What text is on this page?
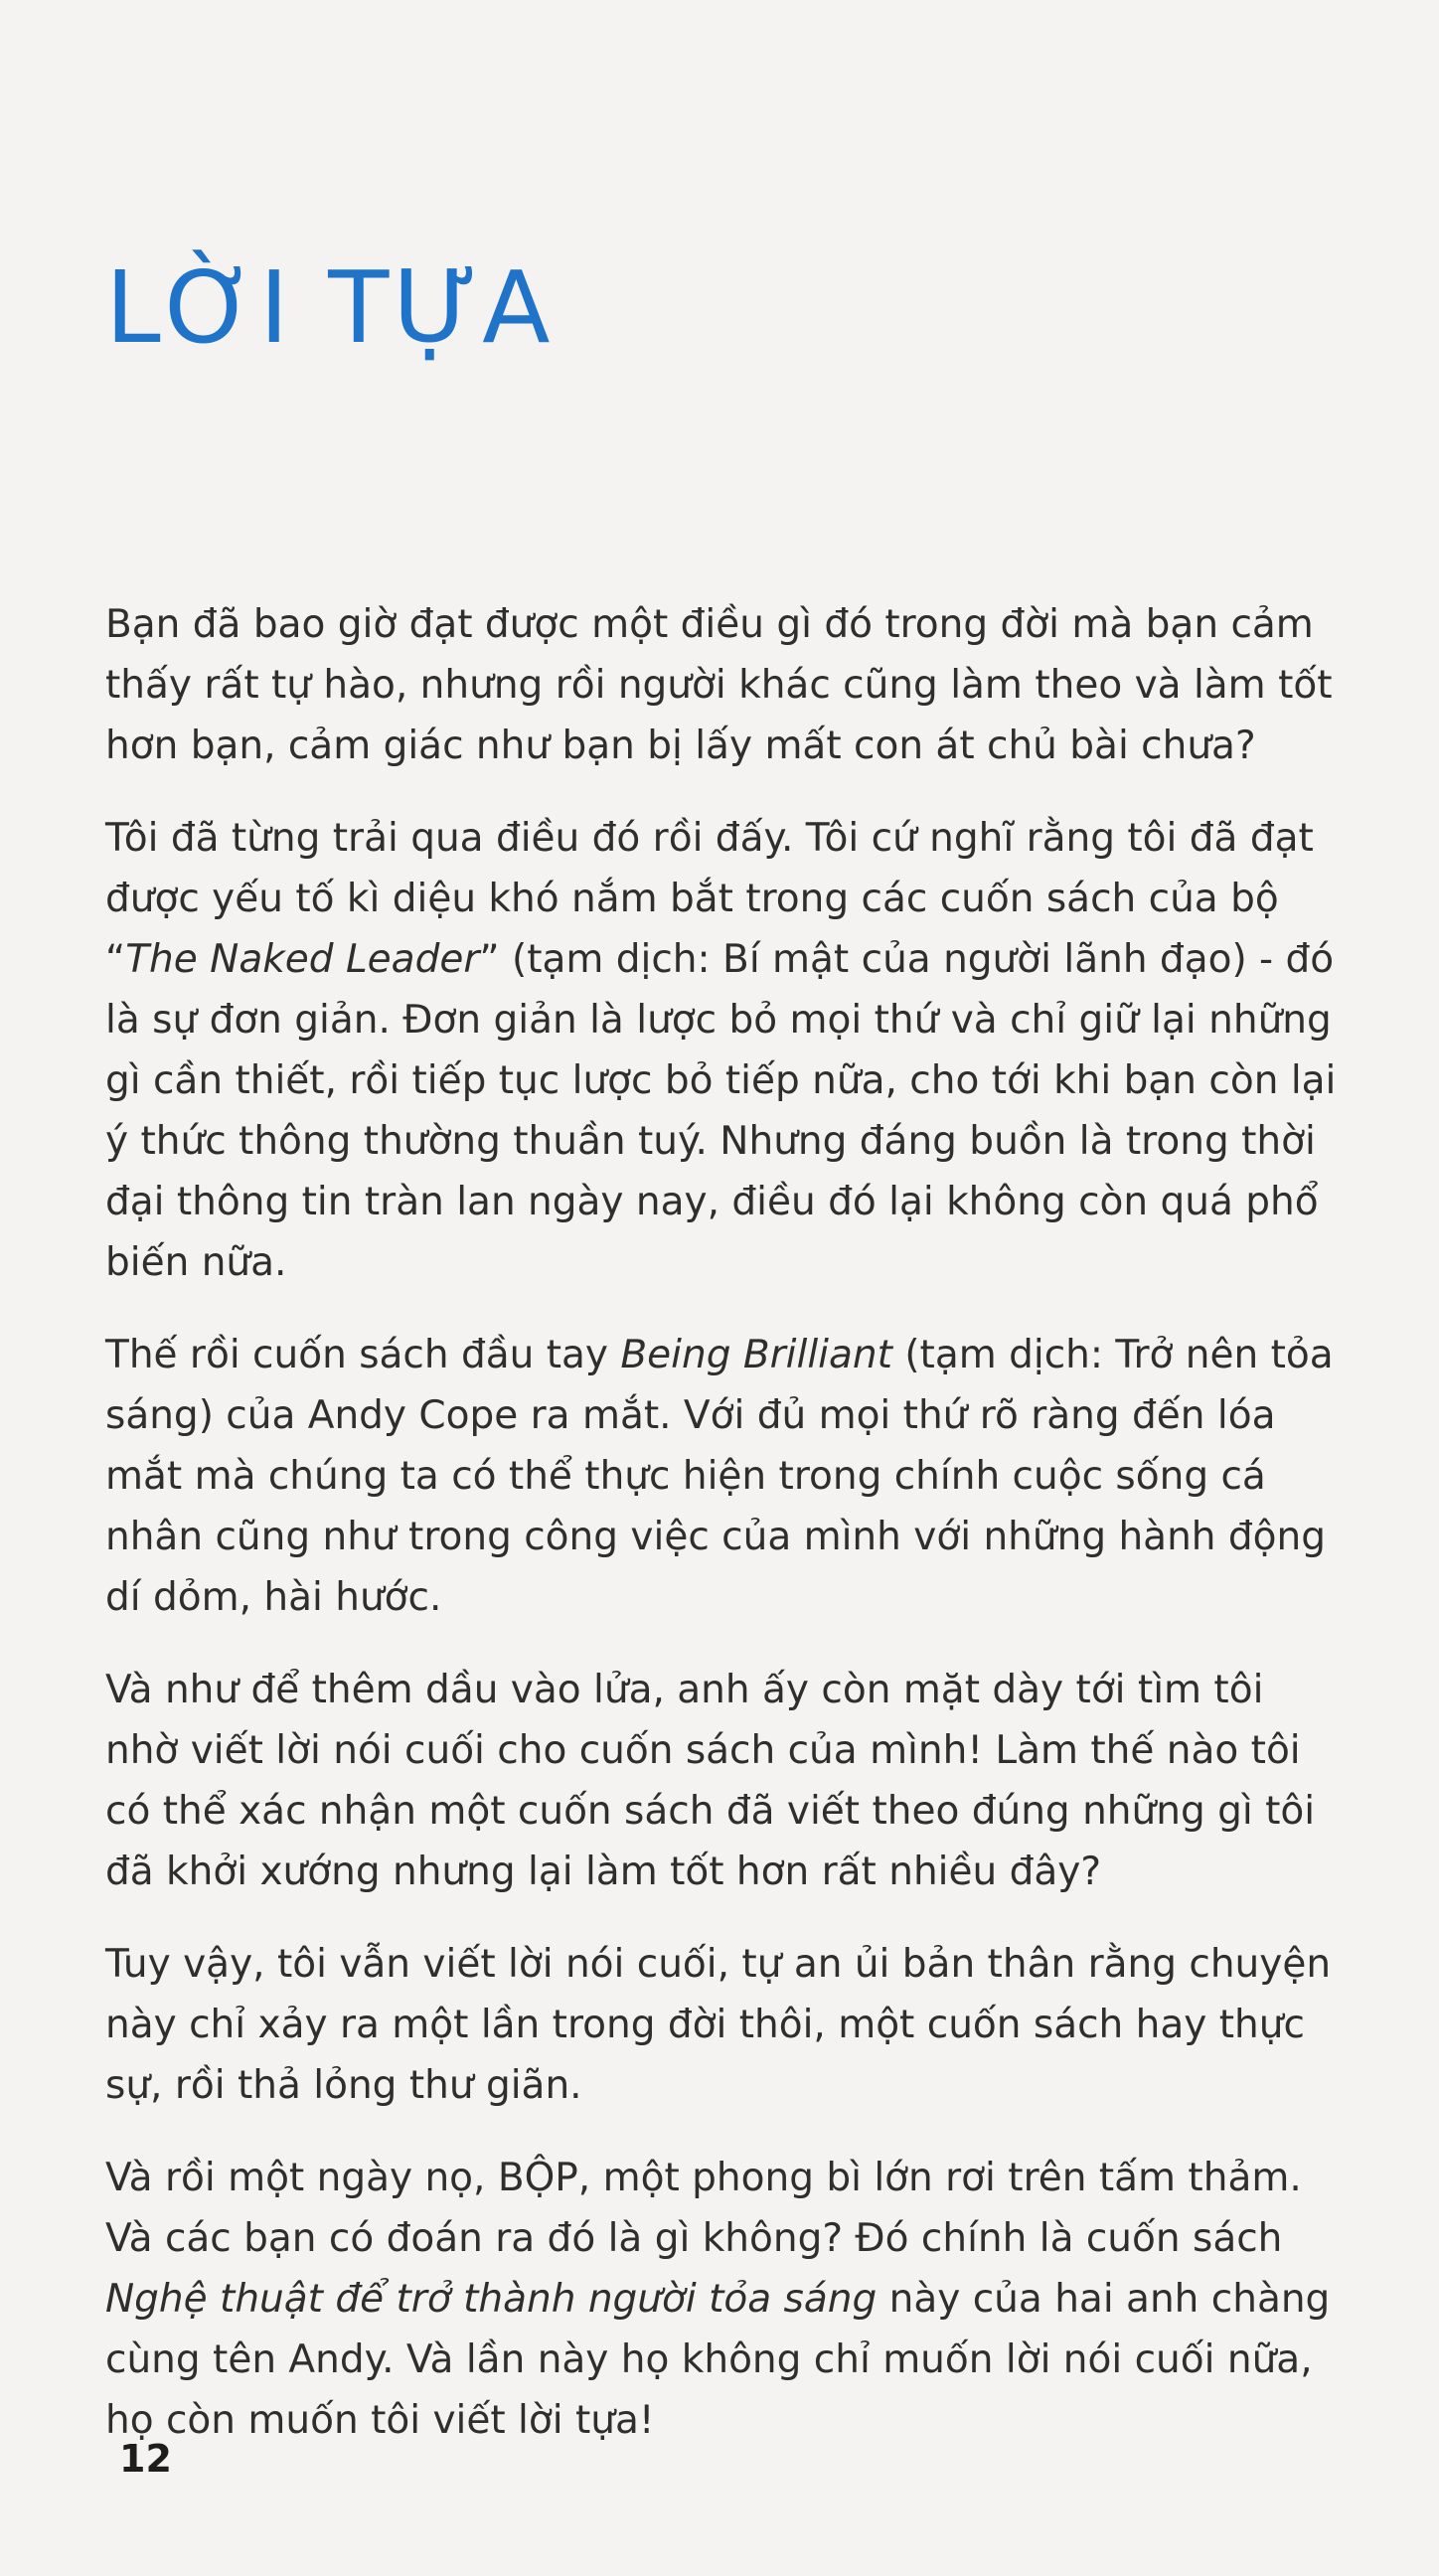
LỜI TỰA

Bạn đã bao giờ đạt được một điều gì đó trong đời mà bạn cảm thấy rất tự hào, nhưng rồi người khác cũng làm theo và làm tốt hơn bạn, cảm giác như bạn bị lấy mất con át chủ bài chưa?

Tôi đã từng trải qua điều đó rồi đấy. Tôi cứ nghĩ rằng tôi đã đạt được yếu tố kì diệu khó nắm bắt trong các cuốn sách của bộ “The Naked Leader” (tạm dịch: Bí mật của người lãnh đạo) - đó là sự đơn giản. Đơn giản là lược bỏ mọi thứ và chỉ giữ lại những gì cần thiết, rồi tiếp tục lược bỏ tiếp nữa, cho tới khi bạn còn lại ý thức thông thường thuần tuý. Nhưng đáng buồn là trong thời đại thông tin tràn lan ngày nay, điều đó lại không còn quá phổ biến nữa.

Thế rồi cuốn sách đầu tay Being Brilliant (tạm dịch: Trở nên tỏa sáng) của Andy Cope ra mắt. Với đủ mọi thứ rõ ràng đến lóa mắt mà chúng ta có thể thực hiện trong chính cuộc sống cá nhân cũng như trong công việc của mình với những hành động dí dỏm, hài hước.

Và như để thêm dầu vào lửa, anh ấy còn mặt dày tới tìm tôi nhờ viết lời nói cuối cho cuốn sách của mình! Làm thế nào tôi có thể xác nhận một cuốn sách đã viết theo đúng những gì tôi đã khởi xướng nhưng lại làm tốt hơn rất nhiều đây?

Tuy vậy, tôi vẫn viết lời nói cuối, tự an ủi bản thân rằng chuyện này chỉ xảy ra một lần trong đời thôi, một cuốn sách hay thực sự, rồi thả lỏng thư giãn.

Và rồi một ngày nọ, BỘP, một phong bì lớn rơi trên tấm thảm. Và các bạn có đoán ra đó là gì không? Đó chính là cuốn sách Nghệ thuật để trở thành người tỏa sáng này của hai anh chàng cùng tên Andy. Và lần này họ không chỉ muốn lời nói cuối nữa, họ còn muốn tôi viết lời tựa!

12
